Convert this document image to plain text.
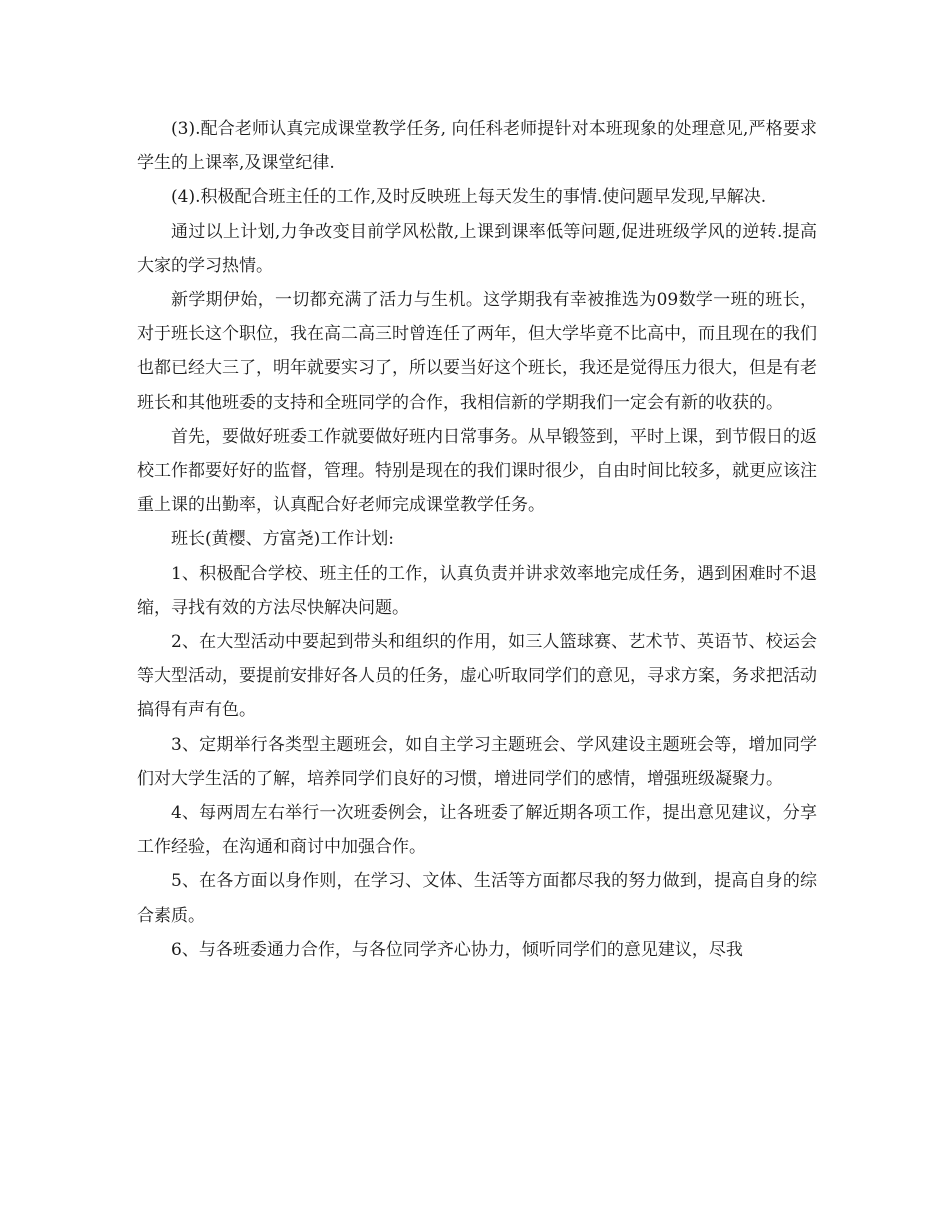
(3).配合老师认真完成课堂教学任务, 向任科老师提针对本班现象的处理意见,严格要求学生的上课率,及课堂纪律.

(4).积极配合班主任的工作,及时反映班上每天发生的事情.使问题早发现,早解决.

通过以上计划,力争改变目前学风松散,上课到课率低等问题,促进班级学风的逆转.提高大家的学习热情。

新学期伊始，一切都充满了活力与生机。这学期我有幸被推选为09数学一班的班长，对于班长这个职位，我在高二高三时曾连任了两年，但大学毕竟不比高中，而且现在的我们也都已经大三了，明年就要实习了，所以要当好这个班长，我还是觉得压力很大，但是有老班长和其他班委的支持和全班同学的合作，我相信新的学期我们一定会有新的收获的。

首先，要做好班委工作就要做好班内日常事务。从早锻签到，平时上课，到节假日的返校工作都要好好的监督，管理。特别是现在的我们课时很少，自由时间比较多，就更应该注重上课的出勤率，认真配合好老师完成课堂教学任务。

班长(黄樱、方富尧)工作计划:

1、积极配合学校、班主任的工作，认真负责并讲求效率地完成任务，遇到困难时不退缩，寻找有效的方法尽快解决问题。

2、在大型活动中要起到带头和组织的作用，如三人篮球赛、艺术节、英语节、校运会等大型活动，要提前安排好各人员的任务，虚心听取同学们的意见，寻求方案，务求把活动搞得有声有色。

3、定期举行各类型主题班会，如自主学习主题班会、学风建设主题班会等，增加同学们对大学生活的了解，培养同学们良好的习惯，增进同学们的感情，增强班级凝聚力。

4、每两周左右举行一次班委例会，让各班委了解近期各项工作，提出意见建议，分享工作经验，在沟通和商讨中加强合作。

5、在各方面以身作则，在学习、文体、生活等方面都尽我的努力做到，提高自身的综合素质。

6、与各班委通力合作，与各位同学齐心协力，倾听同学们的意见建议，尽我
